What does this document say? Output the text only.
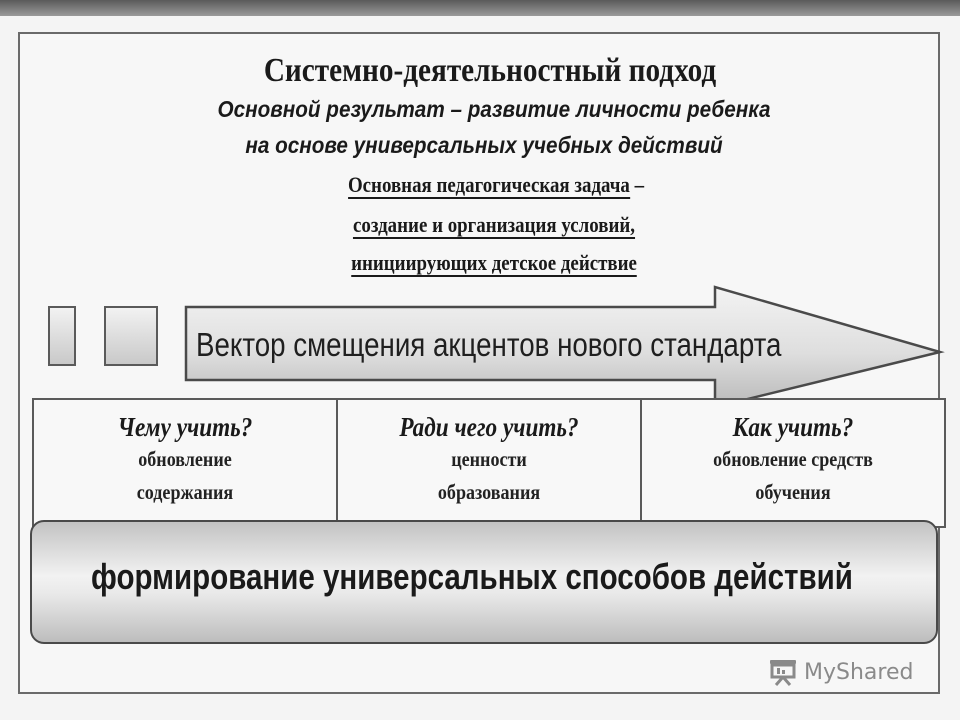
Системно-деятельностный подход
Основной результат – развитие личности ребенка
на основе универсальных учебных действий
Основная педагогическая задача –
создание и организация условий,
инициирующих детское действие
Вектор смещения акцентов нового стандарта
Чему учить?
обновление
содержания
Ради чего учить?
ценности
образования
Как учить?
обновление средств
обучения
формирование универсальных способов действий
MyShared
